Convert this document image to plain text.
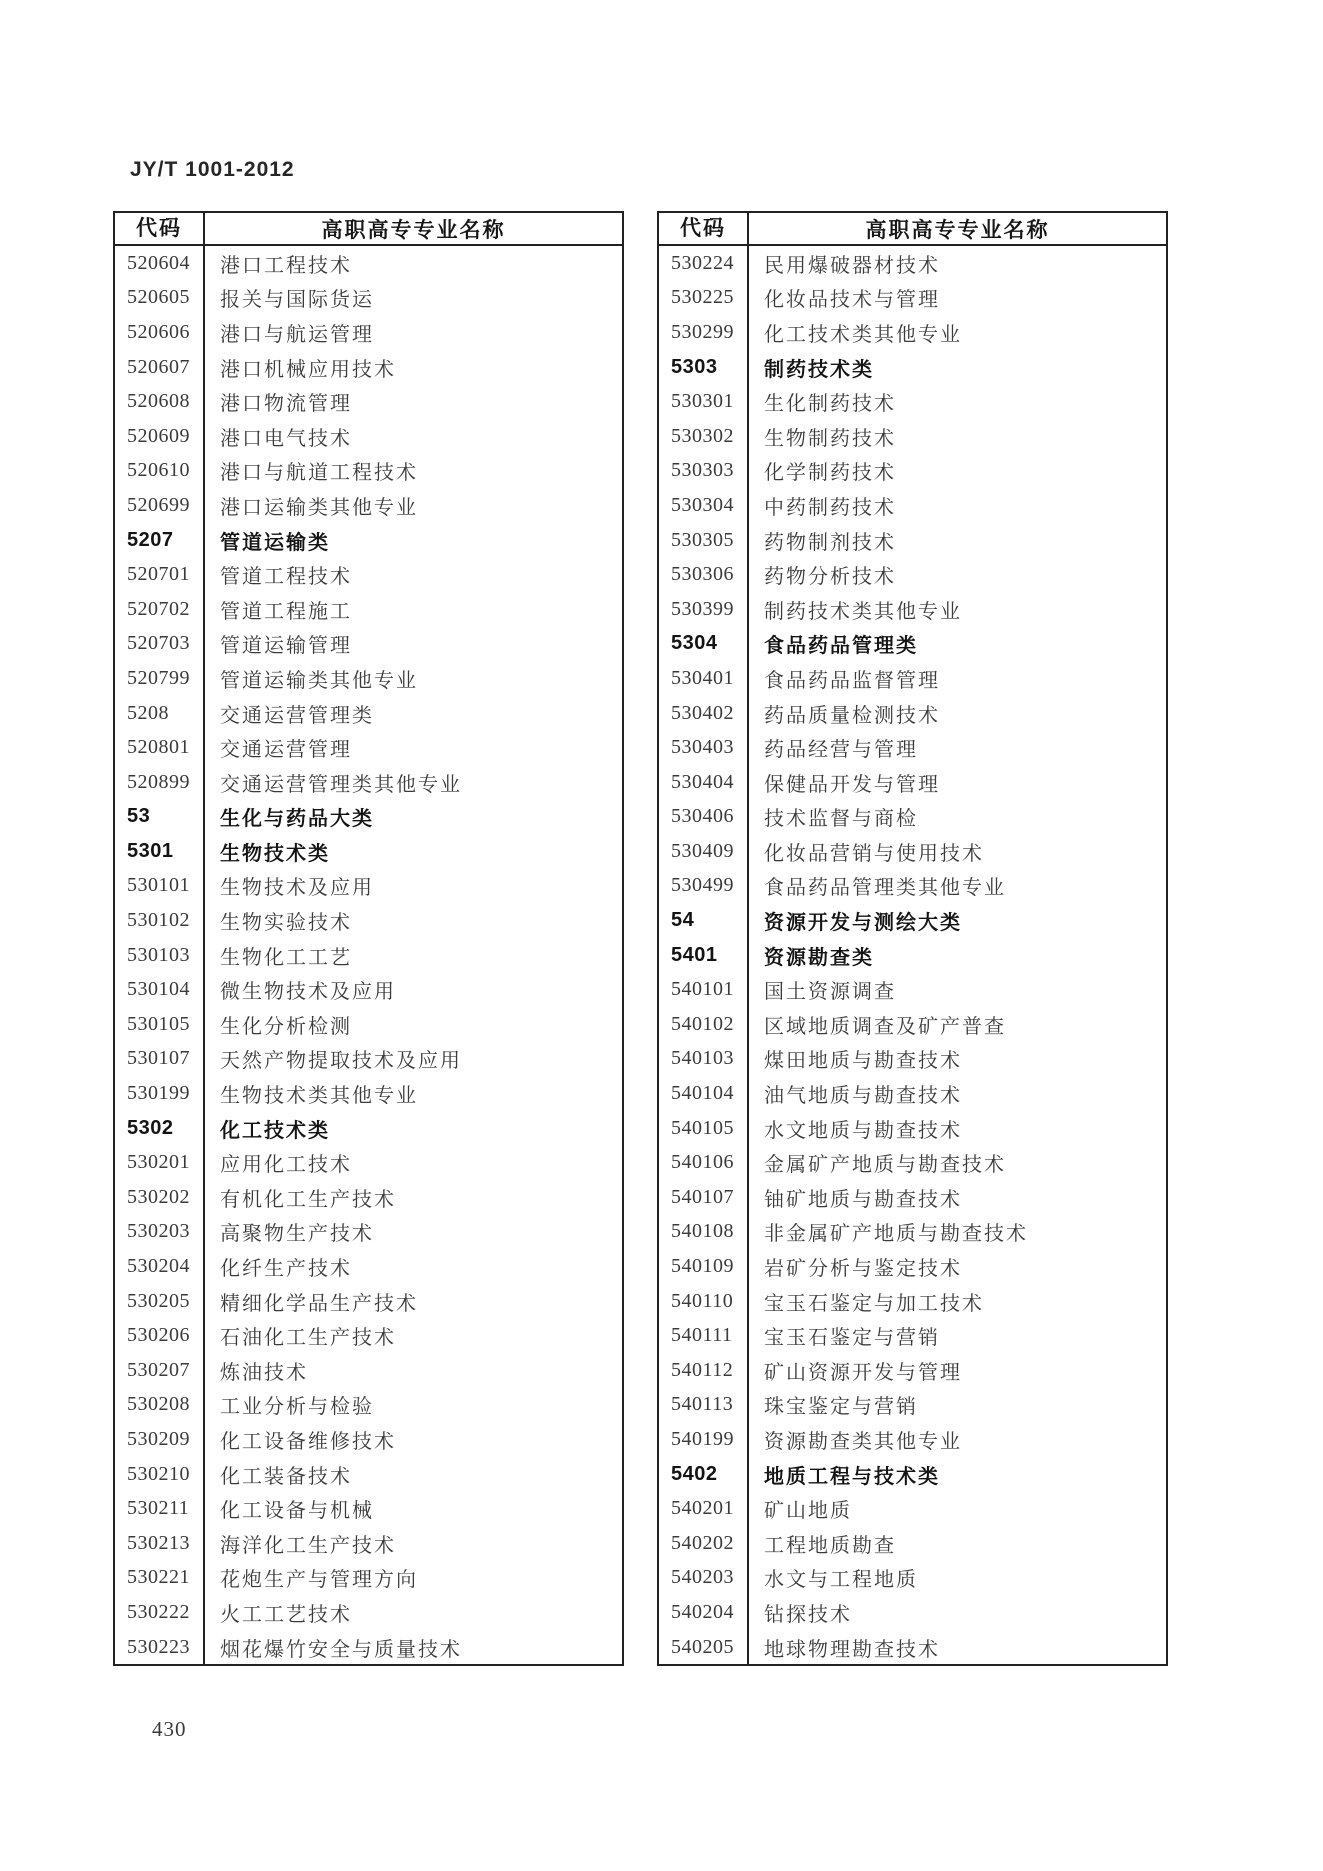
JY/T 1001-2012
代码	高职高专专业名称
520604	港口工程技术
520605	报关与国际货运
520606	港口与航运管理
520607	港口机械应用技术
520608	港口物流管理
520609	港口电气技术
520610	港口与航道工程技术
520699	港口运输类其他专业
5207	管道运输类
520701	管道工程技术
520702	管道工程施工
520703	管道运输管理
520799	管道运输类其他专业
5208	交通运营管理类
520801	交通运营管理
520899	交通运营管理类其他专业
53	生化与药品大类
5301	生物技术类
530101	生物技术及应用
530102	生物实验技术
530103	生物化工工艺
530104	微生物技术及应用
530105	生化分析检测
530107	天然产物提取技术及应用
530199	生物技术类其他专业
5302	化工技术类
530201	应用化工技术
530202	有机化工生产技术
530203	高聚物生产技术
530204	化纤生产技术
530205	精细化学品生产技术
530206	石油化工生产技术
530207	炼油技术
530208	工业分析与检验
530209	化工设备维修技术
530210	化工装备技术
530211	化工设备与机械
530213	海洋化工生产技术
530221	花炮生产与管理方向
530222	火工工艺技术
530223	烟花爆竹安全与质量技术
代码	高职高专专业名称
530224	民用爆破器材技术
530225	化妆品技术与管理
530299	化工技术类其他专业
5303	制药技术类
530301	生化制药技术
530302	生物制药技术
530303	化学制药技术
530304	中药制药技术
530305	药物制剂技术
530306	药物分析技术
530399	制药技术类其他专业
5304	食品药品管理类
530401	食品药品监督管理
530402	药品质量检测技术
530403	药品经营与管理
530404	保健品开发与管理
530406	技术监督与商检
530409	化妆品营销与使用技术
530499	食品药品管理类其他专业
54	资源开发与测绘大类
5401	资源勘查类
540101	国土资源调查
540102	区域地质调查及矿产普查
540103	煤田地质与勘查技术
540104	油气地质与勘查技术
540105	水文地质与勘查技术
540106	金属矿产地质与勘查技术
540107	铀矿地质与勘查技术
540108	非金属矿产地质与勘查技术
540109	岩矿分析与鉴定技术
540110	宝玉石鉴定与加工技术
540111	宝玉石鉴定与营销
540112	矿山资源开发与管理
540113	珠宝鉴定与营销
540199	资源勘查类其他专业
5402	地质工程与技术类
540201	矿山地质
540202	工程地质勘查
540203	水文与工程地质
540204	钻探技术
540205	地球物理勘查技术
430
